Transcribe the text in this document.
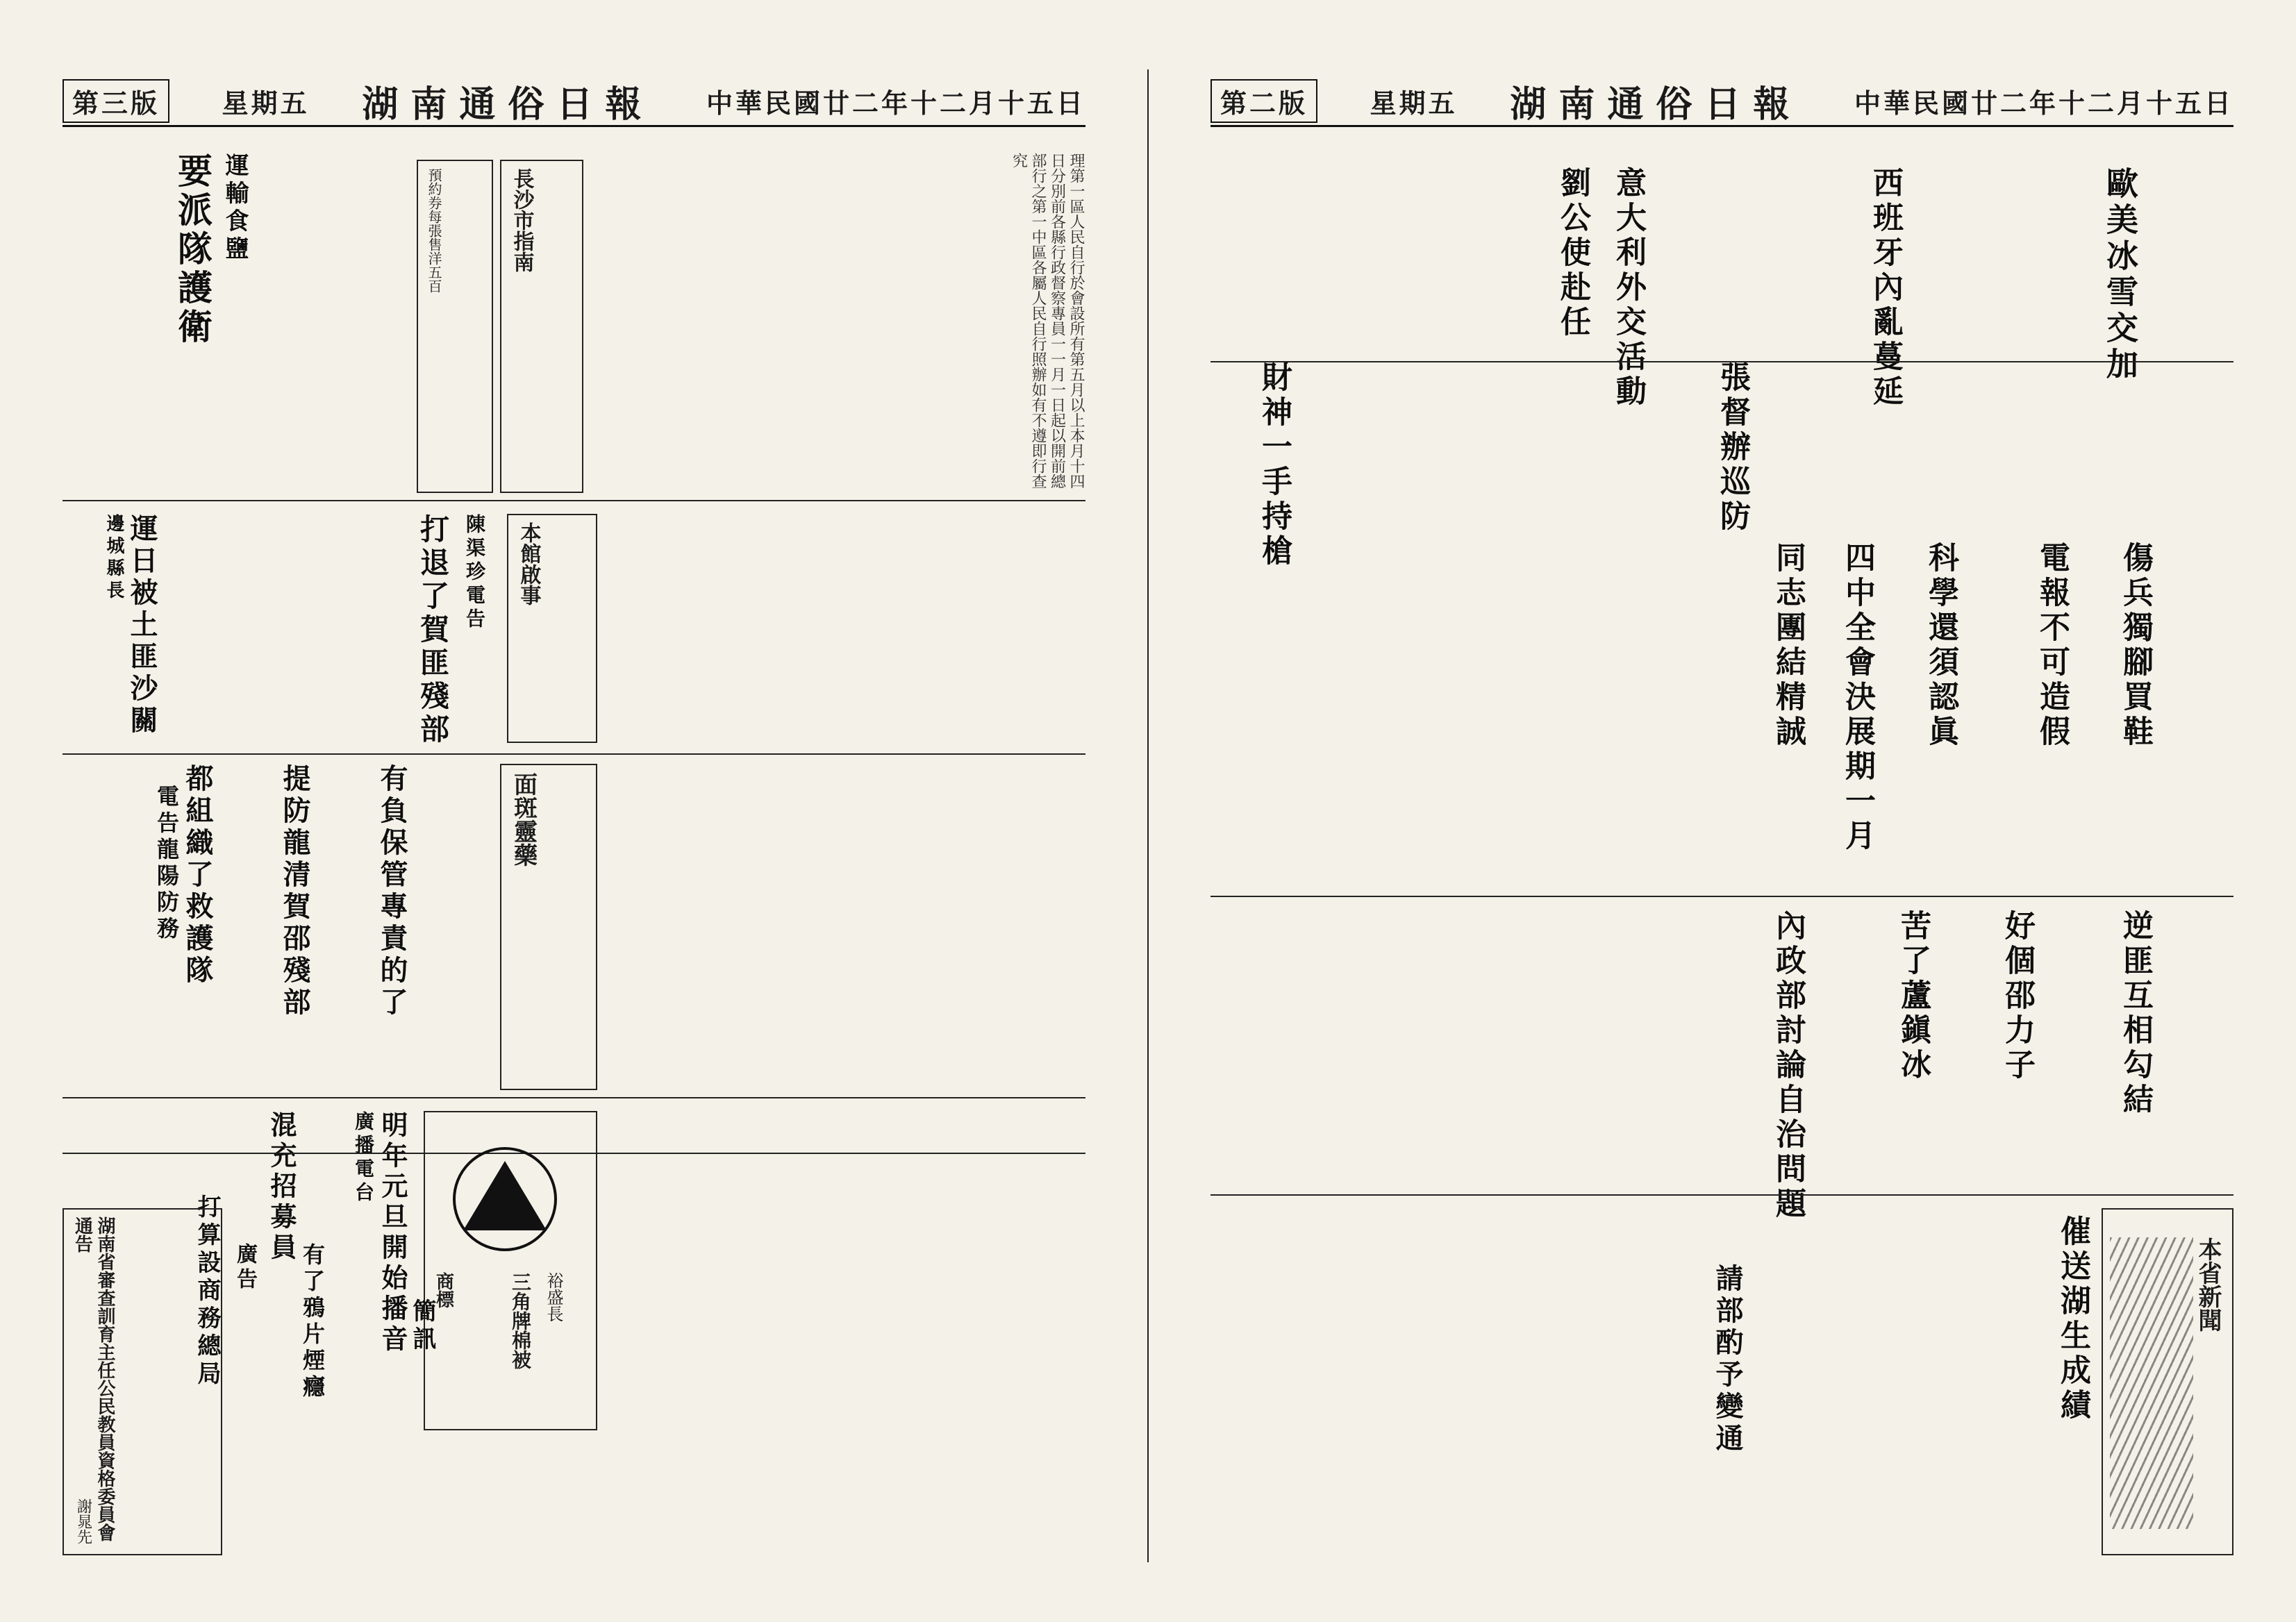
第三版	星期五 湖南通俗日報 中華民國廿二年十二月十五日
要派隊護衛 運輸食鹽	理第一區人民自行於會設所有第五月以上本月十四日分別前各縣行政督察專員一一月一日起以開前總部行之第一中區各屬人民自行照辦如有不遵即行查究
長沙市指南
預約券每張售洋五百
運日被土匪沙關
邊城縣長	打退了賀匪殘部 陳渠珍電告 本館啟事
都組織了救護隊 提防龍清賀邵殘部
電告龍陽防務	有負保管專責的了	面斑靈藥
明年元旦開始播音
廣播電台
混充招募員
打算設商務總局	商標	三角牌棉被 裕盛長
簡訊
有了鴉片煙癮
湖南省審查訓育主任公民教員資格委員會通告
謝晁先
廣告
第二版	星期五 湖南通俗日報 中華民國廿二年十二月十五日
歐美冰雪交加
西班牙內亂蔓延
劉公使赴任 意大利外交活動
張督辦巡防
財神一手持槍
傷兵獨腳買鞋
電報不可造假
科學還須認眞
四中全會決展期一月
同志團結精誠
逆匪互相勾結
好個邵力子
苦了蘆鎭冰
內政部討論自治問題
催送湖生成績
請部酌予變通	本省新聞
